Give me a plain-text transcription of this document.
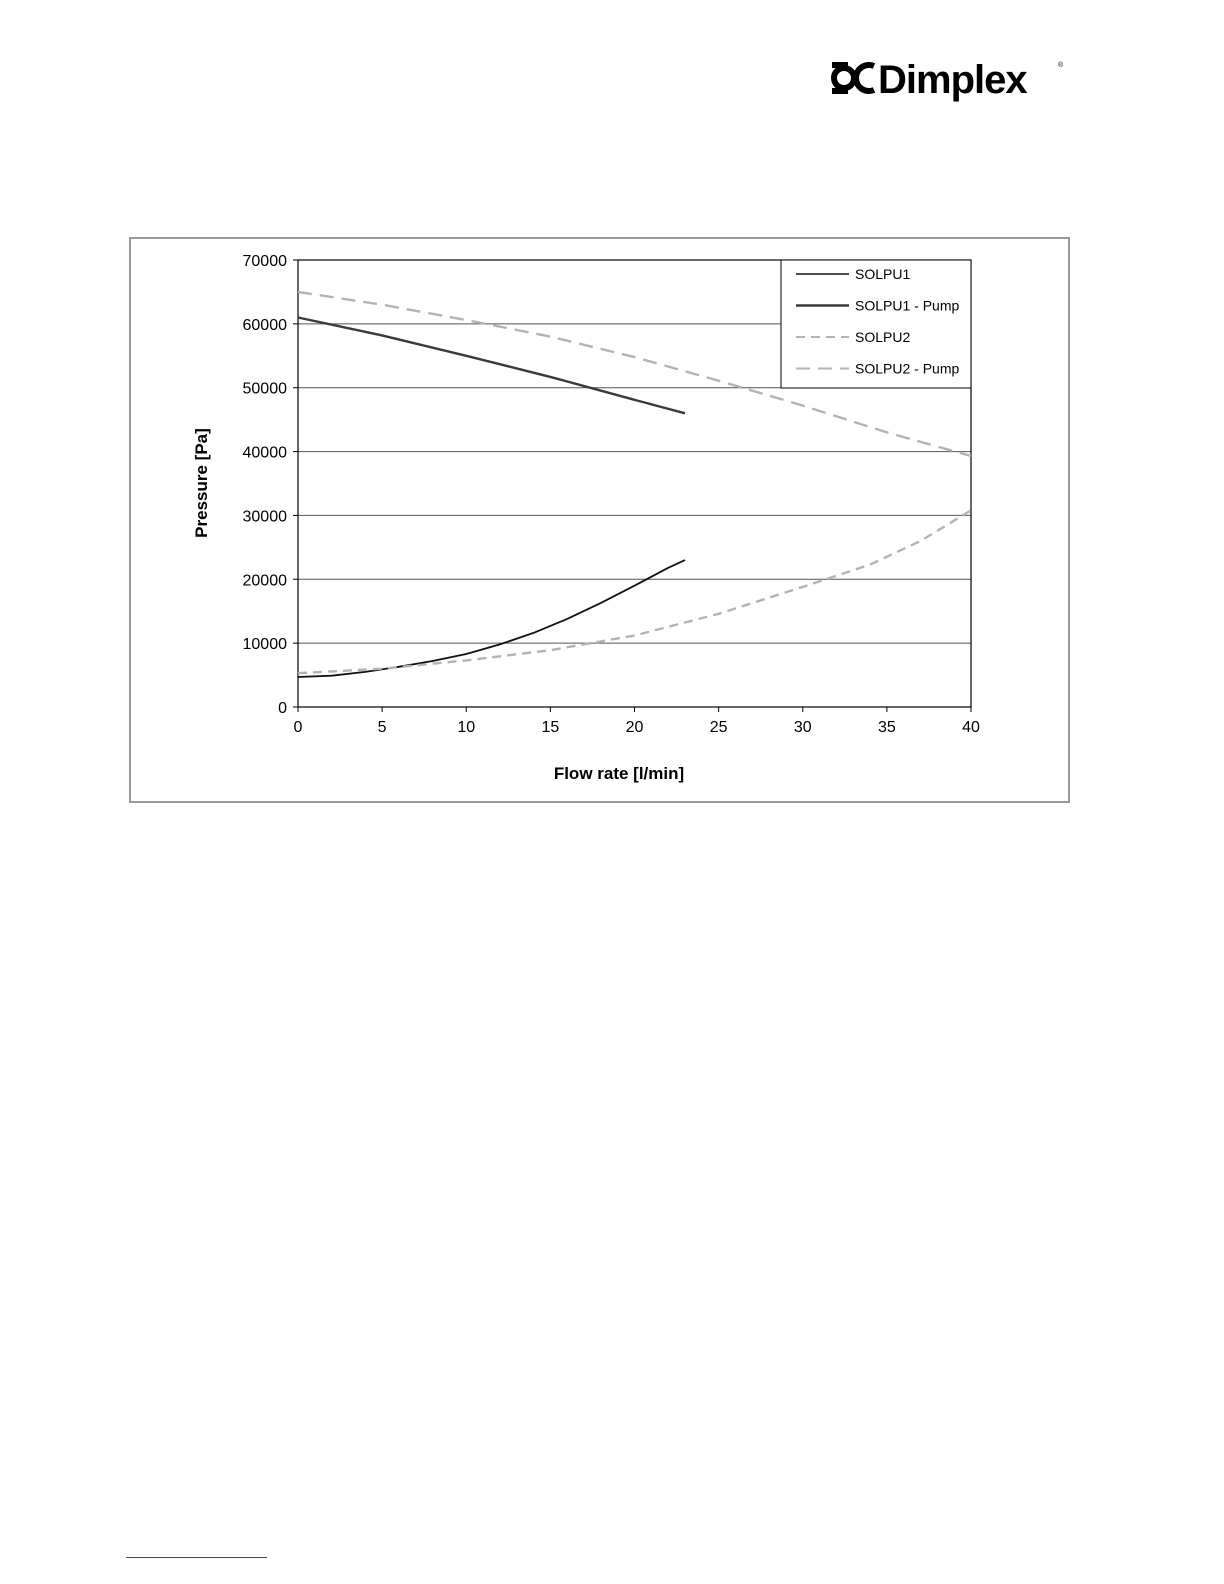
Dimplex	®
0
10000
20000
30000
40000
50000
60000
70000
0	5	10	15	20	25	30	35	40
Flow rate [l/min]
Pressure [Pa]
SOLPU1
SOLPU1 - Pump
SOLPU2
SOLPU2 - Pump
